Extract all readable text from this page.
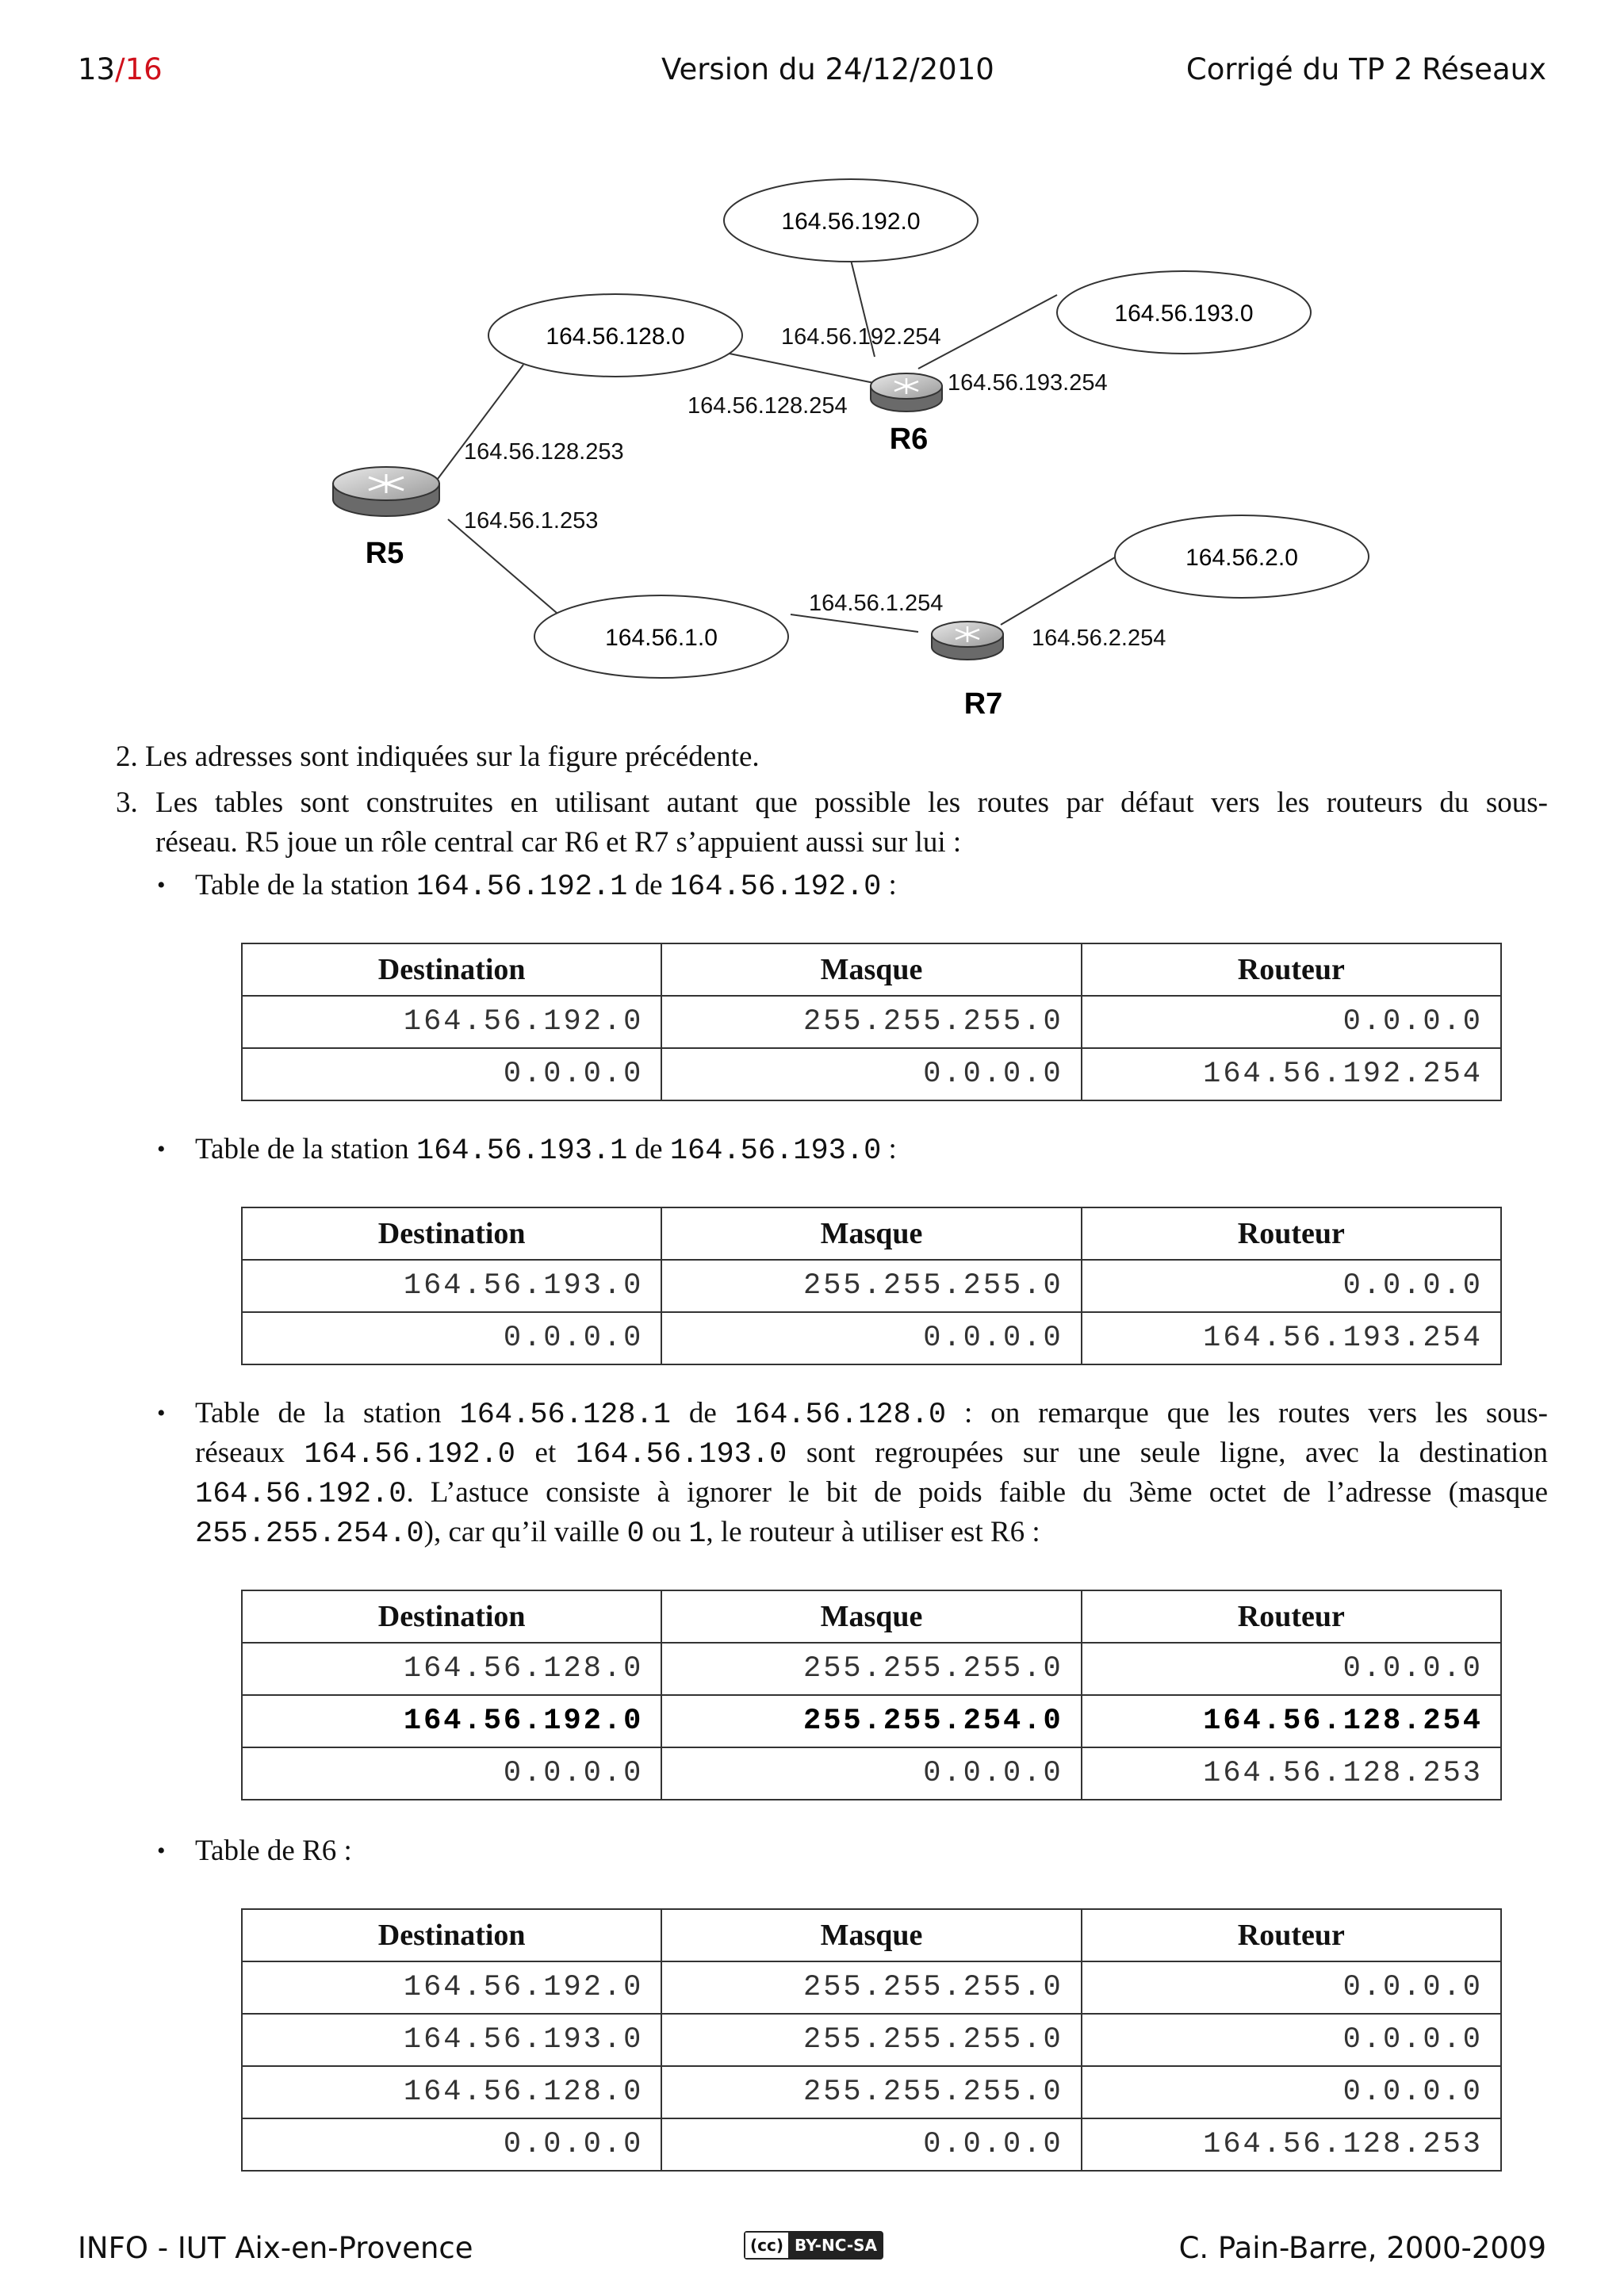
13/16	Version du 24/12/2010	Corrigé du TP 2 Réseaux
164.56.192.0
164.56.193.0
164.56.128.0
164.56.2.0
164.56.1.0
R5
R6
R7
164.56.192.254
164.56.193.254
164.56.128.254
164.56.128.253
164.56.1.253
164.56.1.254
164.56.2.254
2. Les adresses sont indiquées sur la figure précédente.
3. Les tables sont construites en utilisant autant que possible les routes par défaut vers les routeurs du sous-
réseau. R5 joue un rôle central car R6 et R7 s’appuient aussi sur lui :
• Table de la station 164.56.192.1 de 164.56.192.0 :
Destination	Masque	Routeur
164.56.192.0	255.255.255.0	0.0.0.0
0.0.0.0	0.0.0.0	164.56.192.254
• Table de la station 164.56.193.1 de 164.56.193.0 :
Destination	Masque	Routeur
164.56.193.0	255.255.255.0	0.0.0.0
0.0.0.0	0.0.0.0	164.56.193.254
• Table de la station 164.56.128.1 de 164.56.128.0 : on remarque que les routes vers les sous-
réseaux 164.56.192.0 et 164.56.193.0 sont regroupées sur une seule ligne, avec la destination
164.56.192.0. L’astuce consiste à ignorer le bit de poids faible du 3ème octet de l’adresse (masque
255.255.254.0), car qu’il vaille 0 ou 1, le routeur à utiliser est R6 :
Destination	Masque	Routeur
164.56.128.0	255.255.255.0	0.0.0.0
164.56.192.0	255.255.254.0	164.56.128.254
0.0.0.0	0.0.0.0	164.56.128.253
• Table de R6 :
Destination	Masque	Routeur
164.56.192.0	255.255.255.0	0.0.0.0
164.56.193.0	255.255.255.0	0.0.0.0
164.56.128.0	255.255.255.0	0.0.0.0
0.0.0.0	0.0.0.0	164.56.128.253
INFO - IUT Aix-en-Provence	(cc) BY-NC-SA	C. Pain-Barre, 2000-2009
